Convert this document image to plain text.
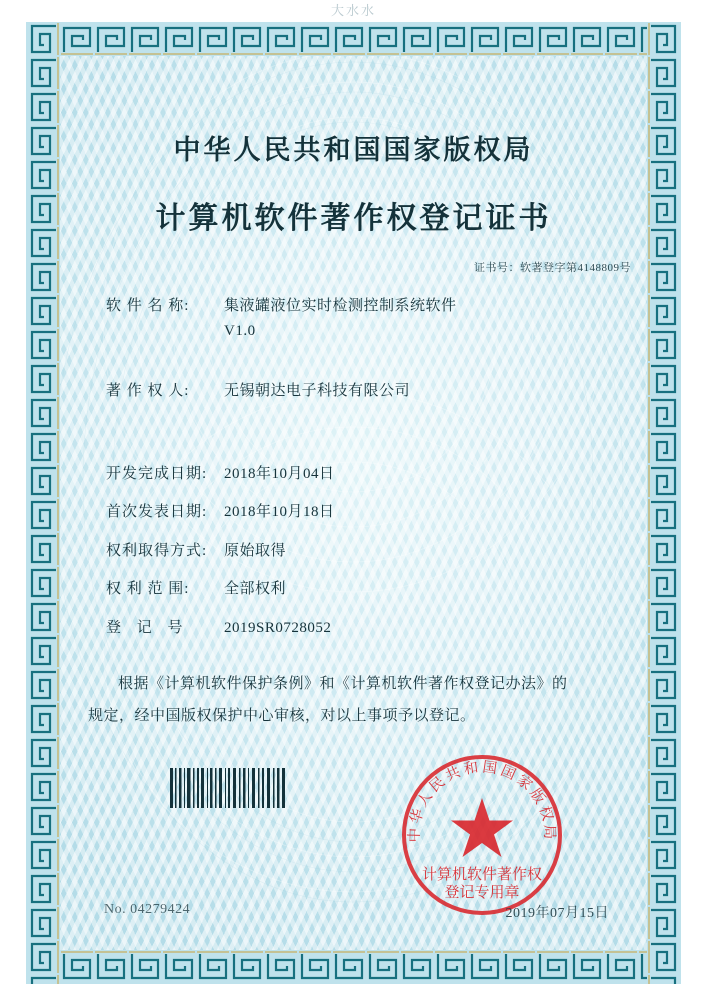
大水水
中华人民共和国国家版权局
计算机软件著作权登记证书
证书号：软著登字第4148809号
软 件 名 称:	集液罐液位实时检测控制系统软件
V1.0
著 作 权 人:	无锡朝达电子科技有限公司
开发完成日期:	2018年10月04日
首次发表日期:	2018年10月18日
权利取得方式:	原始取得
权 利 范 围:	全部权利
登 记 号	2019SR0728052
根据《计算机软件保护条例》和《计算机软件著作权登记办法》的
规定，经中国版权保护中心审核，对以上事项予以登记。
中华人民共和国国家版权局
计算机软件著作权
登记专用章
No. 04279424	2019年07月15日
